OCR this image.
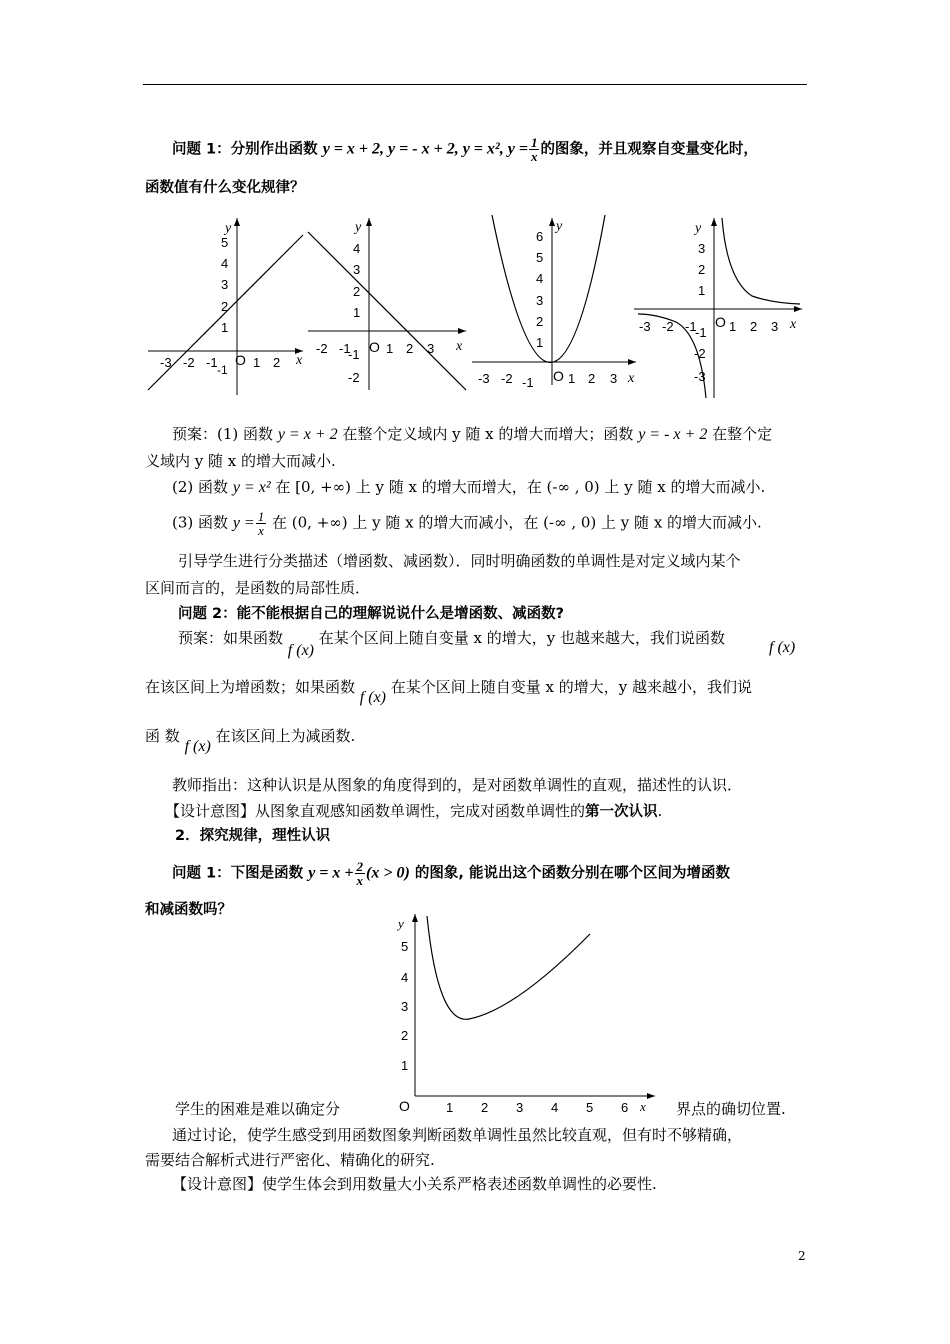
问题 1：分别作出函数 y = x + 2, y = - x + 2, y = x², $y = \frac{1}{x}$ 的图象，并且观察自变量变化时，
函数值有什么变化规律？
y
x
O
-3 -2 -1	1 2
5
4
3
2
1
-1
y
x
O
-2 -1	1 2 3
4
3
2
1
-1
-2
y
x
O
-3 -2 -1	1 2 3
6
5
4
3
2
1
y
x
O
-3 -2 -1 1 2 3
3
2
1
-1
-2
-3
预案：(1) 函数 y = x + 2 在整个定义域内 y 随 x 的增大而增大；函数 y = - x + 2 在整个定
义域内 y 随 x 的增大而减小.
(2) 函数 y = x² 在 [0, +∞) 上 y 随 x 的增大而增大，在 (-∞ , 0) 上 y 随 x 的增大而减小.
(3) 函数 $y = \frac{1}{x}$ 在 (0, +∞) 上 y 随 x 的增大而减小，在 (-∞ , 0) 上 y 随 x 的增大而减小.
引导学生进行分类描述（增函数、减函数）．同时明确函数的单调性是对定义域内某个
区间而言的，是函数的局部性质．
问题 2：能不能根据自己的理解说说什么是增函数、减函数?
预案：如果函数 f (x) 在某个区间上随自变量 x 的增大，y 也越来越大，我们说函数
f (x)
在该区间上为增函数；如果函数 f (x) 在某个区间上随自变量 x 的增大，y 越来越小，我们说
函 数 f (x) 在该区间上为减函数.
教师指出：这种认识是从图象的角度得到的，是对函数单调性的直观，描述性的认识．
【设计意图】从图象直观感知函数单调性，完成对函数单调性的第一次认识.
2．探究规律，理性认识
问题 1：下图是函数 $y = x + \frac{2}{x} (x > 0)$ 的图象, 能说出这个函数分别在哪个区间为增函数
和减函数吗？
y
x
O	1 2 3 4 5 6
5
4
3
2
1
学生的困难是难以确定分	界点的确切位置.
通过讨论，使学生感受到用函数图象判断函数单调性虽然比较直观，但有时不够精确，
需要结合解析式进行严密化、精确化的研究.
【设计意图】使学生体会到用数量大小关系严格表述函数单调性的必要性.
2
